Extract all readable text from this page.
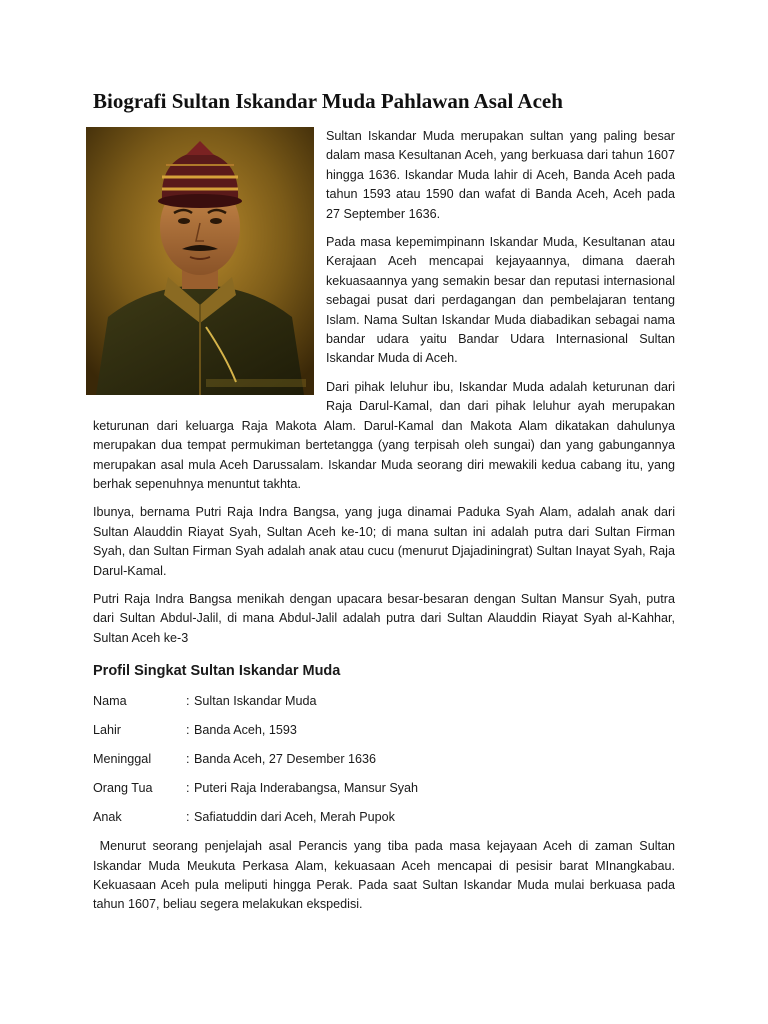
Biografi Sultan Iskandar Muda Pahlawan Asal Aceh

Sultan Iskandar Muda merupakan sultan yang paling besar dalam masa Kesultanan Aceh, yang berkuasa dari tahun 1607 hingga 1636. Iskandar Muda lahir di Aceh, Banda Aceh pada tahun 1593 atau 1590 dan wafat di Banda Aceh, Aceh pada 27 September 1636.

Pada masa kepemimpinann Iskandar Muda, Kesultanan atau Kerajaan Aceh mencapai kejayaannya, dimana daerah kekuasaannya yang semakin besar dan reputasi internasional sebagai pusat dari perdagangan dan pembelajaran tentang Islam. Nama Sultan Iskandar Muda diabadikan sebagai nama bandar udara yaitu Bandar Udara Internasional Sultan Iskandar Muda di Aceh.

Dari pihak leluhur ibu, Iskandar Muda adalah keturunan dari Raja Darul-Kamal, dan dari pihak leluhur ayah merupakan keturunan dari keluarga Raja Makota Alam. Darul-Kamal dan Makota Alam dikatakan dahulunya merupakan dua tempat permukiman bertetangga (yang terpisah oleh sungai) dan yang gabungannya merupakan asal mula Aceh Darussalam. Iskandar Muda seorang diri mewakili kedua cabang itu, yang berhak sepenuhnya menuntut takhta.

Ibunya, bernama Putri Raja Indra Bangsa, yang juga dinamai Paduka Syah Alam, adalah anak dari Sultan Alauddin Riayat Syah, Sultan Aceh ke-10; di mana sultan ini adalah putra dari Sultan Firman Syah, dan Sultan Firman Syah adalah anak atau cucu (menurut Djajadiningrat) Sultan Inayat Syah, Raja Darul-Kamal.

Putri Raja Indra Bangsa menikah dengan upacara besar-besaran dengan Sultan Mansur Syah, putra dari Sultan Abdul-Jalil, di mana Abdul-Jalil adalah putra dari Sultan Alauddin Riayat Syah al-Kahhar, Sultan Aceh ke-3

Profil Singkat Sultan Iskandar Muda
Nama	: Sultan Iskandar Muda
Lahir	: Banda Aceh, 1593
Meninggal	: Banda Aceh, 27 Desember 1636
Orang Tua	: Puteri Raja Inderabangsa, Mansur Syah
Anak	: Safiatuddin dari Aceh, Merah Pupok

Menurut seorang penjelajah asal Perancis yang tiba pada masa kejayaan Aceh di zaman Sultan Iskandar Muda Meukuta Perkasa Alam, kekuasaan Aceh mencapai di pesisir barat MInangkabau. Kekuasaan Aceh pula meliputi hingga Perak. Pada saat Sultan Iskandar Muda mulai berkuasa pada tahun 1607, beliau segera melakukan ekspedisi.
